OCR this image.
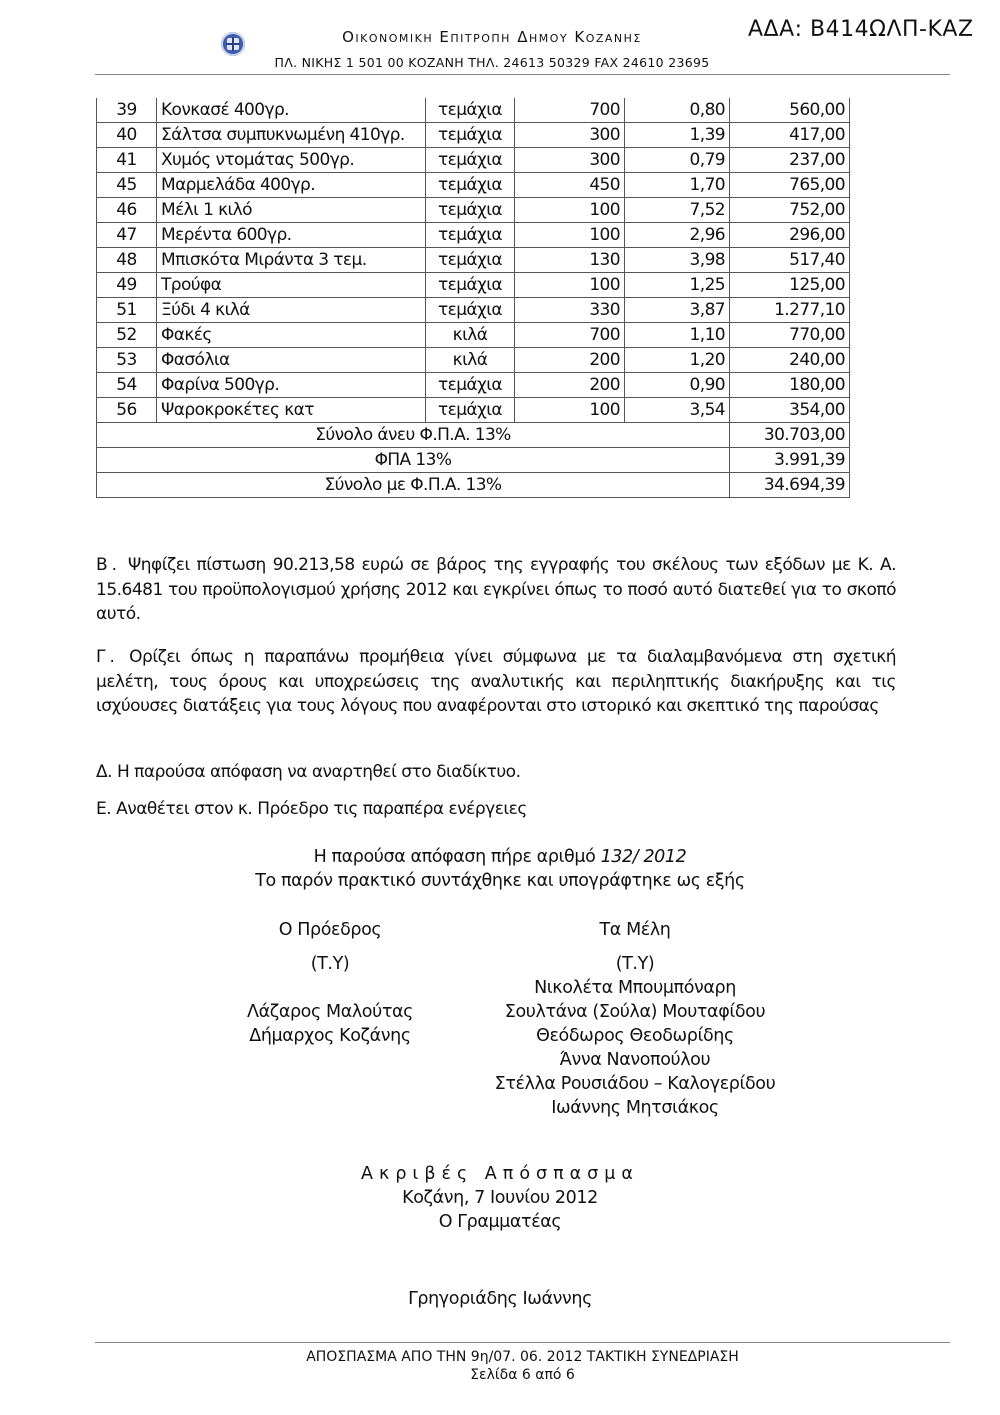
Οικονομικη Επιτροπη Δημου Κοζανης
ΠΛ. ΝΙΚΗΣ 1 501 00 ΚΟΖΑΝΗ ΤΗΛ. 24613 50329 FAX 24610 23695
ΑΔΑ: Β414ΩΛΠ-ΚΑΖ
39	Κονκασέ 400γρ.	τεμάχια	700	0,80	560,00
40	Σάλτσα συμπυκνωμένη 410γρ.	τεμάχια	300	1,39	417,00
41	Χυμός ντομάτας 500γρ.	τεμάχια	300	0,79	237,00
45	Μαρμελάδα 400γρ.	τεμάχια	450	1,70	765,00
46	Μέλι 1 κιλό	τεμάχια	100	7,52	752,00
47	Μερέντα 600γρ.	τεμάχια	100	2,96	296,00
48	Μπισκότα Μιράντα 3 τεμ.	τεμάχια	130	3,98	517,40
49	Τρούφα	τεμάχια	100	1,25	125,00
51	Ξύδι 4 κιλά	τεμάχια	330	3,87	1.277,10
52	Φακές	κιλά	700	1,10	770,00
53	Φασόλια	κιλά	200	1,20	240,00
54	Φαρίνα 500γρ.	τεμάχια	200	0,90	180,00
56	Ψαροκροκέτες κατ	τεμάχια	100	3,54	354,00
Σύνολο άνευ Φ.Π.Α. 13%					30.703,00
ΦΠΑ 13%					3.991,39
Σύνολο με Φ.Π.Α. 13%					34.694,39
Β. Ψηφίζει πίστωση 90.213,58 ευρώ σε βάρος της εγγραφής του σκέλους των εξόδων με Κ. Α. 15.6481 του προϋπολογισμού χρήσης 2012 και εγκρίνει όπως το ποσό αυτό διατεθεί για το σκοπό αυτό.
Γ. Ορίζει όπως η παραπάνω προμήθεια γίνει σύμφωνα με τα διαλαμβανόμενα στη σχετική μελέτη, τους όρους και υποχρεώσεις της αναλυτικής και περιληπτικής διακήρυξης και τις ισχύουσες διατάξεις για τους λόγους που αναφέρονται στο ιστορικό και σκεπτικό της παρούσας
Δ. Η παρούσα απόφαση να αναρτηθεί στο διαδίκτυο.
Ε. Αναθέτει στον κ. Πρόεδρο τις παραπέρα ενέργειες
Η παρούσα απόφαση πήρε αριθμό 132/ 2012
Το παρόν πρακτικό συντάχθηκε και υπογράφτηκε ως εξής
Ο Πρόεδρος
(Τ.Υ)
Λάζαρος Μαλούτας
Δήμαρχος Κοζάνης
Τα Μέλη
(Τ.Υ)
Νικολέτα Μπουμπόναρη
Σουλτάνα (Σούλα) Μουταφίδου
Θεόδωρος Θεοδωρίδης
Άννα Νανοπούλου
Στέλλα Ρουσιάδου – Καλογερίδου
Ιωάννης Μητσιάκος
Ακριβές Απόσπασμα
Κοζάνη, 7 Ιουνίου 2012
Ο Γραμματέας
Γρηγοριάδης Ιωάννης
ΑΠΟΣΠΑΣΜΑ ΑΠΟ ΤΗΝ 9η/07. 06. 2012 ΤΑΚΤΙΚΗ ΣΥΝΕΔΡΙΑΣΗ
Σελίδα 6 από 6
